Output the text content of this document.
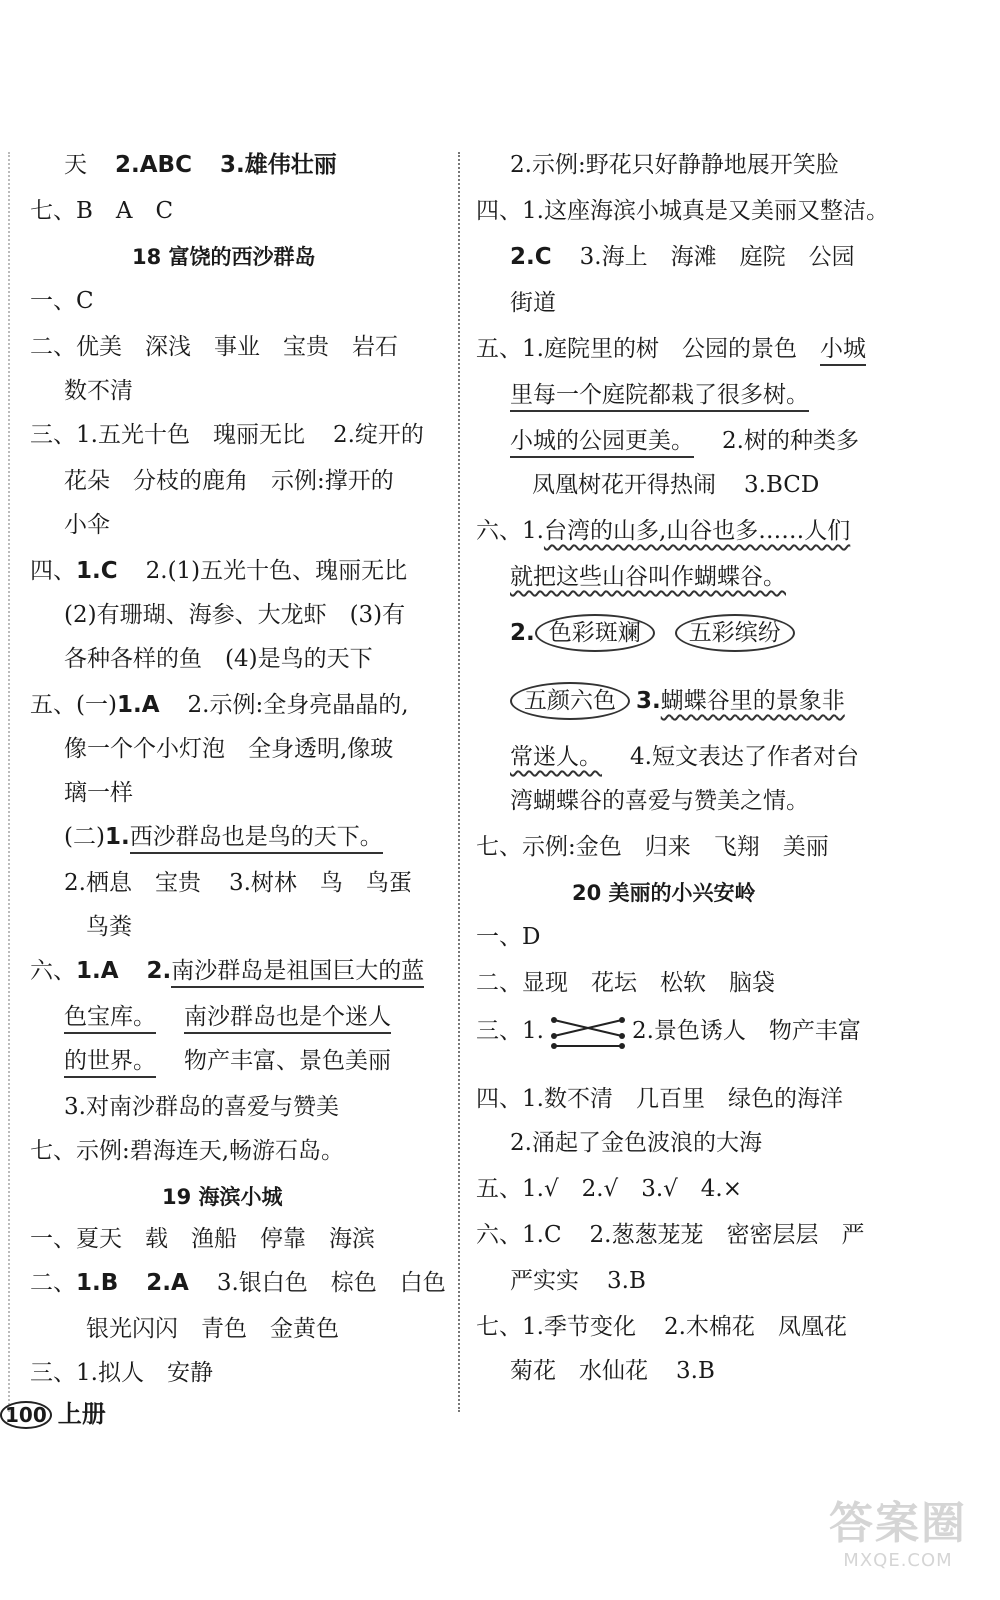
天 2.ABC 3.雄伟壮丽
七、B　A　C
18 富饶的西沙群岛
一、C
二、优美　深浅　事业　宝贵　岩石
数不清
三、1.五光十色　瑰丽无比 2.绽开的
花朵　分枝的鹿角　示例:撑开的
小伞
四、1.C 2.(1)五光十色、瑰丽无比
(2)有珊瑚、海参、大龙虾　(3)有
各种各样的鱼　(4)是鸟的天下
五、(一)1.A 2.示例:全身亮晶晶的,
像一个个小灯泡　全身透明,像玻
璃一样
(二)1.西沙群岛也是鸟的天下。
2.栖息　宝贵 3.树林　鸟　鸟蛋
鸟粪
六、1.A 2.南沙群岛是祖国巨大的蓝
色宝库。 南沙群岛也是个迷人
的世界。 物产丰富、景色美丽
3.对南沙群岛的喜爱与赞美
七、示例:碧海连天,畅游石岛。
19 海滨小城
一、夏天　载　渔船　停靠　海滨
二、1.B 2.A 3.银白色　棕色　白色
银光闪闪　青色　金黄色
三、1.拟人　安静
2.示例:野花只好静静地展开笑脸
四、1.这座海滨小城真是又美丽又整洁。
2.C 3.海上　海滩　庭院　公园
街道
五、1.庭院里的树　公园的景色　小城
里每一个庭院都栽了很多树。
小城的公园更美。 2.树的种类多
凤凰树花开得热闹 3.BCD
六、1.台湾的山多,山谷也多……人们
就把这些山谷叫作蝴蝶谷。
2. 色彩斑斓 五彩缤纷
五颜六色 3.蝴蝶谷里的景象非
常迷人。 4.短文表达了作者对台
湾蝴蝶谷的喜爱与赞美之情。
七、示例:金色　归来　飞翔　美丽
20 美丽的小兴安岭
一、D
二、显现　花坛　松软　脑袋
三、1.	2.景色诱人　物产丰富
四、1.数不清　几百里　绿色的海洋
2.涌起了金色波浪的大海
五、1.√　2.√　3.√　4.×
六、1.C 2.葱葱茏茏　密密层层　严
严实实 3.B
七、1.季节变化 2.木棉花　凤凰花
菊花　水仙花 3.B
100 上册
答案圈
MXQE.COM
